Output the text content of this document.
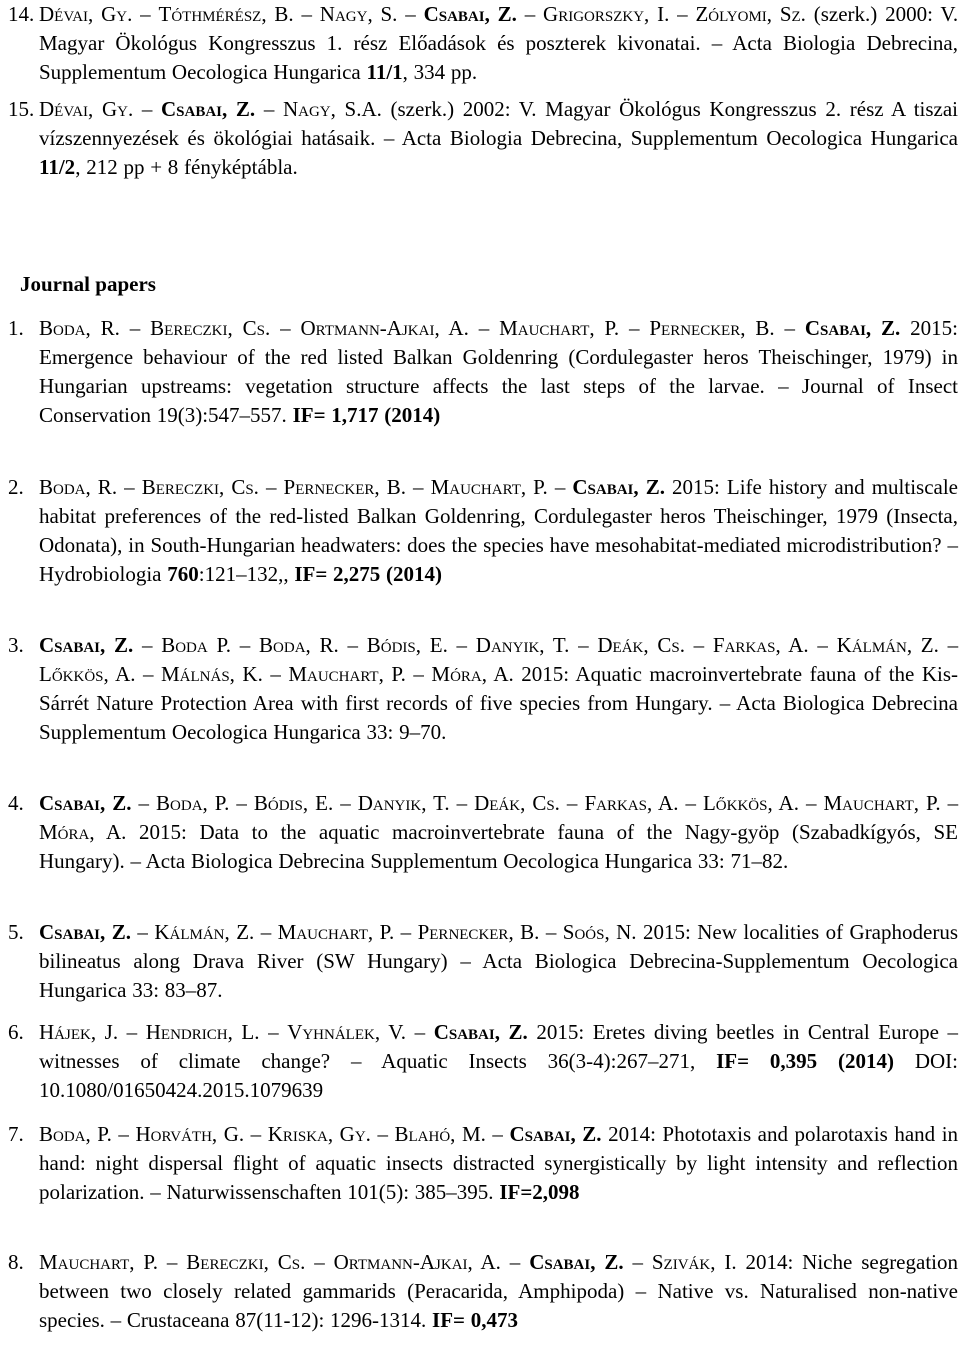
14. Dévai, Gy. – Tóthmérész, B. – Nagy, S. – Csabai, Z. – Grigorszky, I. – Zólyomi, Sz. (szerk.) 2000: V. Magyar Ökológus Kongresszus 1. rész Előadások és poszterek kivonatai. – Acta Biologia Debrecina, Supplementum Oecologica Hungarica 11/1, 334 pp.
15. Dévai, Gy. – Csabai, Z. – Nagy, S.A. (szerk.) 2002: V. Magyar Ökológus Kongresszus 2. rész A tiszai vízszennyezések és ökológiai hatásaik. – Acta Biologia Debrecina, Supplementum Oecologica Hungarica 11/2, 212 pp + 8 fényképtábla.
Journal papers
1. Boda, R. – Bereczki, Cs. – Ortmann-Ajkai, A. – Mauchart, P. – Pernecker, B. – Csabai, Z. 2015: Emergence behaviour of the red listed Balkan Goldenring (Cordulegaster heros Theischinger, 1979) in Hungarian upstreams: vegetation structure affects the last steps of the larvae. – Journal of Insect Conservation 19(3):547–557. IF= 1,717 (2014)
2. Boda, R. – Bereczki, Cs. – Pernecker, B. – Mauchart, P. – Csabai, Z. 2015: Life history and multiscale habitat preferences of the red-listed Balkan Goldenring, Cordulegaster heros Theischinger, 1979 (Insecta, Odonata), in South-Hungarian headwaters: does the species have mesohabitat-mediated microdistribution? – Hydrobiologia 760:121–132,, IF= 2,275 (2014)
3. Csabai, Z. – Boda P. – Boda, R. – Bódis, E. – Danyik, T. – Deák, Cs. – Farkas, A. – Kálmán, Z. – Lőkkös, A. – Málnás, K. – Mauchart, P. – Móra, A. 2015: Aquatic macroinvertebrate fauna of the Kis-Sárrét Nature Protection Area with first records of five species from Hungary. – Acta Biologica Debrecina Supplementum Oecologica Hungarica 33: 9–70.
4. Csabai, Z. – Boda, P. – Bódis, E. – Danyik, T. – Deák, Cs. – Farkas, A. – Lőkkös, A. – Mauchart, P. – Móra, A. 2015: Data to the aquatic macroinvertebrate fauna of the Nagy-gyöp (Szabadkígyós, SE Hungary). – Acta Biologica Debrecina Supplementum Oecologica Hungarica 33: 71–82.
5. Csabai, Z. – Kálmán, Z. – Mauchart, P. – Pernecker, B. – Soós, N. 2015: New localities of Graphoderus bilineatus along Drava River (SW Hungary) – Acta Biologica Debrecina-Supplementum Oecologica Hungarica 33: 83–87.
6. Hájek, J. – Hendrich, L. – Vyhnálek, V. – Csabai, Z. 2015: Eretes diving beetles in Central Europe – witnesses of climate change? – Aquatic Insects 36(3-4):267–271, IF= 0,395 (2014) DOI: 10.1080/01650424.2015.1079639
7. Boda, P. – Horváth, G. – Kriska, Gy. – Blahó, M. – Csabai, Z. 2014: Phototaxis and polarotaxis hand in hand: night dispersal flight of aquatic insects distracted synergistically by light intensity and reflection polarization. – Naturwissenschaften 101(5): 385–395. IF=2,098
8. Mauchart, P. – Bereczki, Cs. – Ortmann-Ajkai, A. – Csabai, Z. – Szivák, I. 2014: Niche segregation between two closely related gammarids (Peracarida, Amphipoda) – Native vs. Naturalised non-native species. – Crustaceana 87(11-12): 1296-1314. IF= 0,473
